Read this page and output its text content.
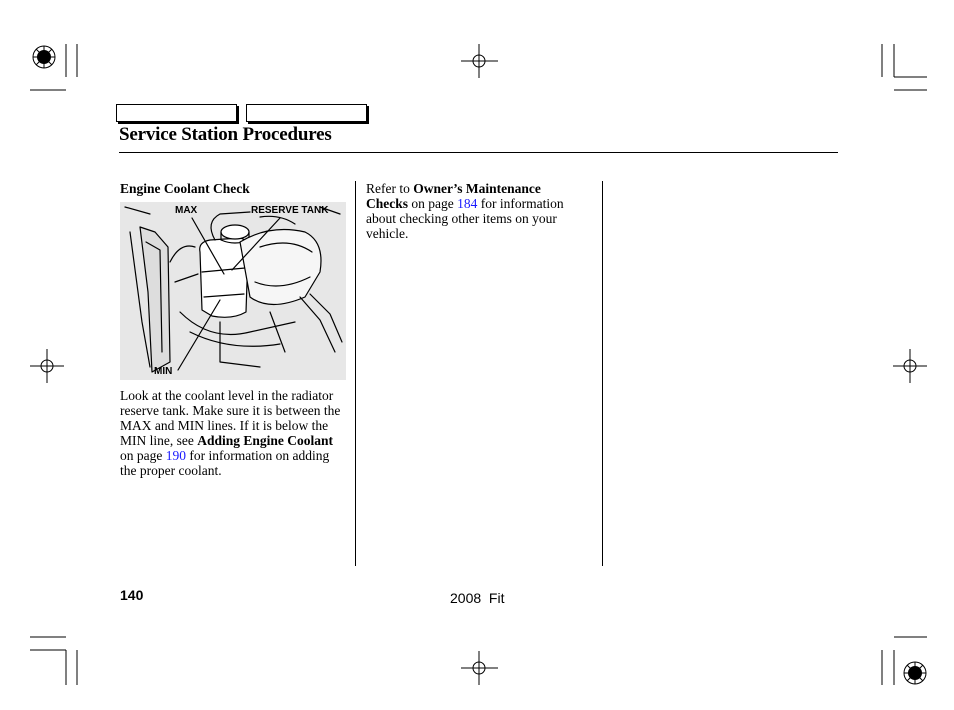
Service Station Procedures
Engine Coolant Check
MAX	RESERVE TANK
MIN
Look at the coolant level in the radiator reserve tank. Make sure it is between the MAX and MIN lines. If it is below the MIN line, see Adding Engine Coolant on page 190 for information on adding the proper coolant.
Refer to Owner’s Maintenance Checks on page 184 for information about checking other items on your vehicle.
140	2008  Fit
